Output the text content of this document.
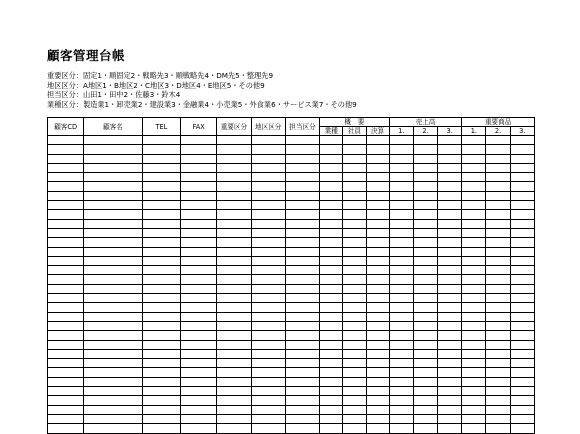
顧客管理台帳
重要区分：固定1・順固定2・戦略先3・順戦略先4・DM先5・整理先9
地区区分：A地区1・B地区2・C地区3・D地区4・E地区5・その他9
担当区分：山田1・田中2・佐藤3・鈴木4
業種区分：製造業1・卸売業2・建設業3・金融業4・小売業5・外食業6・サービス業7・その他9
顧客CD	顧客名	TEL	FAX	重要区分	地区区分	担当区分	概　要			売上高			重要商品		
							業種	社員	決算	1.	2.	3.	1.	2.	3.
